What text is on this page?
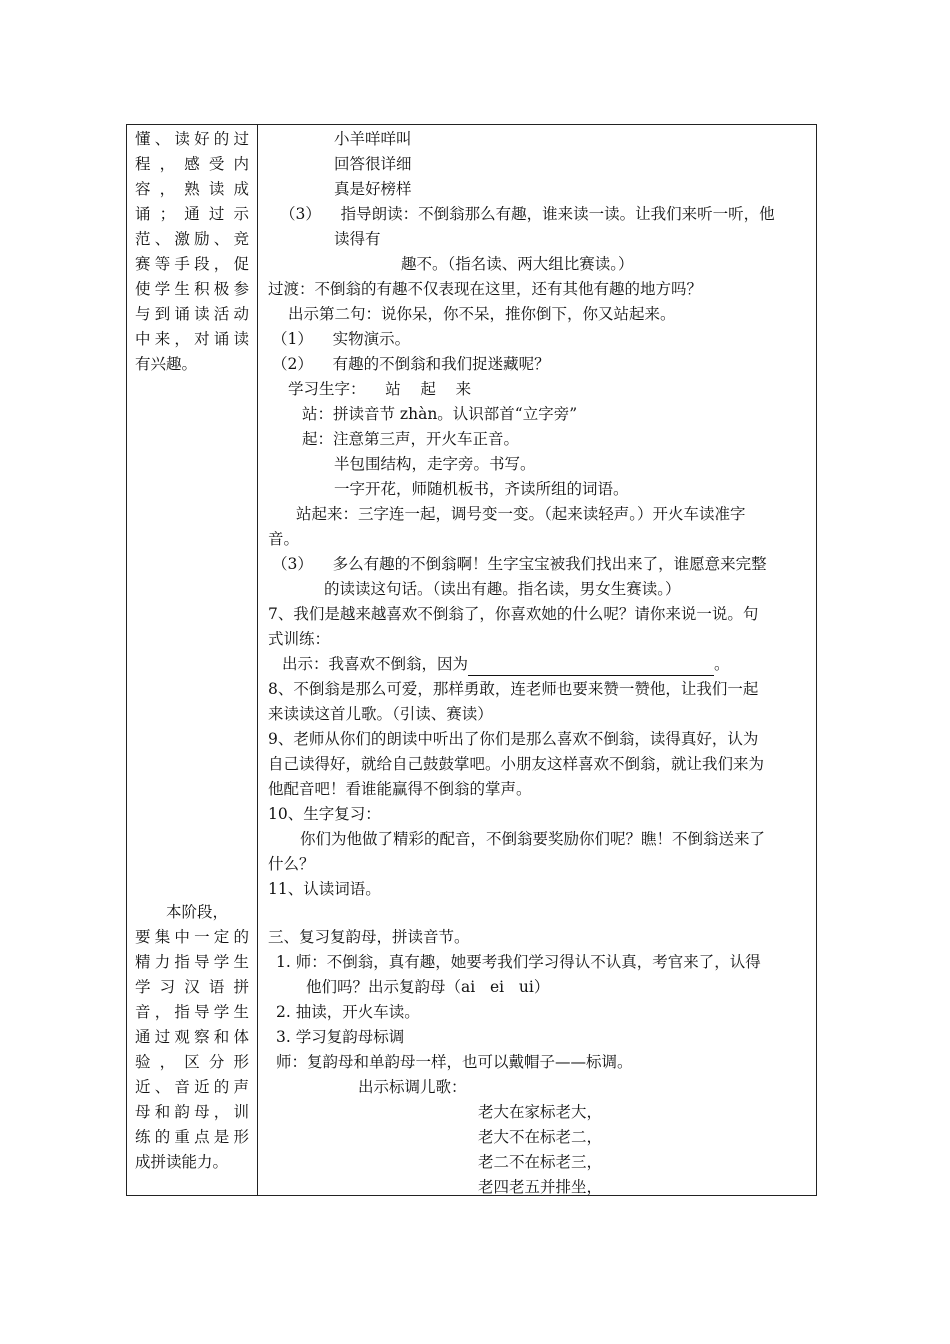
懂、读好的过
程，感受内
容，熟读成
诵；通过示
范、激励、竞
赛等手段，促
使学生积极参
与到诵读活动
中来，对诵读
有兴趣。
本阶段，
要集中一定的
精力指导学生
学习汉语拼
音，指导学生
通过观察和体
验，区分形
近、音近的声
母和韵母，训
练的重点是形
成拼读能力。

小羊咩咩叫
回答很详细
真是好榜样
（3）    指导朗读：不倒翁那么有趣，谁来读一读。让我们来听一听，他
读得有
趣不。（指名读、两大组比赛读。）
过渡：不倒翁的有趣不仅表现在这里，还有其他有趣的地方吗？
出示第二句：说你呆，你不呆，推你倒下，你又站起来。
（1）    实物演示。
（2）    有趣的不倒翁和我们捉迷藏呢？
学习生字：    站    起    来
站：拼读音节 zhàn。认识部首“立字旁”
起：注意第三声，开火车正音。
半包围结构，走字旁。书写。
一字开花，师随机板书，齐读所组的词语。
站起来：三字连一起，调号变一变。（起来读轻声。）开火车读准字
音。
（3）    多么有趣的不倒翁啊！生字宝宝被我们找出来了，谁愿意来完整
的读读这句话。（读出有趣。指名读，男女生赛读。）
7、我们是越来越喜欢不倒翁了，你喜欢她的什么呢？请你来说一说。句
式训练：
出示：我喜欢不倒翁，因为	。
8、不倒翁是那么可爱，那样勇敢，连老师也要来赞一赞他，让我们一起
来读读这首儿歌。（引读、赛读）
9、老师从你们的朗读中听出了你们是那么喜欢不倒翁，读得真好，认为
自己读得好，就给自己鼓鼓掌吧。小朋友这样喜欢不倒翁，就让我们来为
他配音吧！看谁能赢得不倒翁的掌声。
10、生字复习：
你们为他做了精彩的配音，不倒翁要奖励你们呢？瞧！不倒翁送来了
什么？
11、认读词语。
三、复习复韵母，拼读音节。
1. 师：不倒翁，真有趣，她要考我们学习得认不认真，考官来了，认得
他们吗？出示复韵母（ai   ei   ui）
2. 抽读，开火车读。
3. 学习复韵母标调
师：复韵母和单韵母一样，也可以戴帽子——标调。
出示标调儿歌：
老大在家标老大，
老大不在标老二，
老二不在标老三，
老四老五并排坐，
